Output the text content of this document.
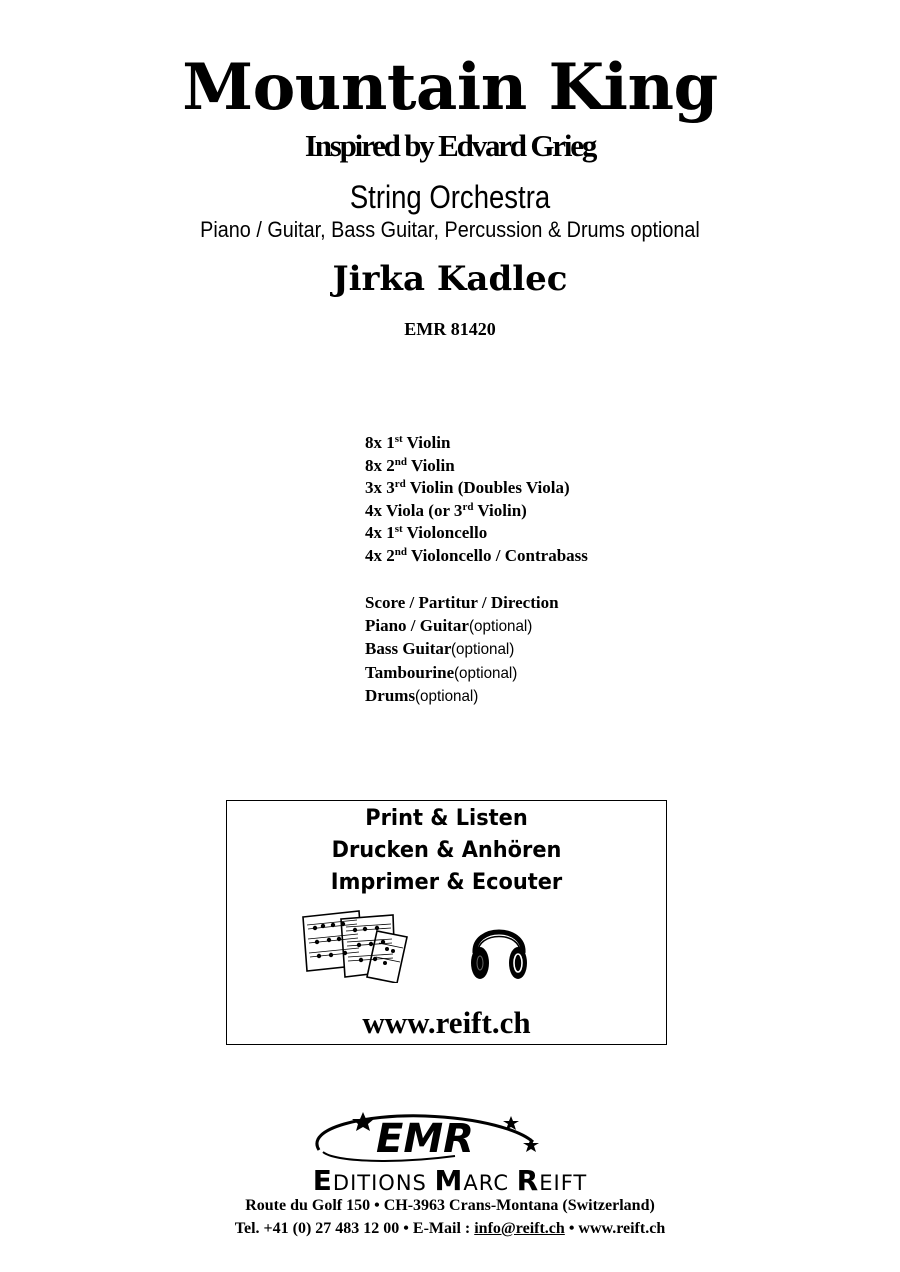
Mountain King
Inspired by Edvard Grieg
String Orchestra
Piano / Guitar, Bass Guitar, Percussion & Drums optional
Jirka Kadlec
EMR 81420
8x 1st Violin
8x 2nd Violin
3x 3rd Violin (Doubles Viola)
4x Viola (or 3rd Violin)
4x 1st Violoncello
4x 2nd Violoncello / Contrabass
Score / Partitur / Direction
Piano / Guitar(optional)
Bass Guitar(optional)
Tambourine(optional)
Drums(optional)
Print & Listen
Drucken & Anhören
Imprimer & Ecouter
www.reift.ch
EMR
EDITIONS MARC REIFT
Route du Golf 150 • CH-3963 Crans-Montana (Switzerland)
Tel. +41 (0) 27 483 12 00 • E-Mail : info@reift.ch • www.reift.ch
